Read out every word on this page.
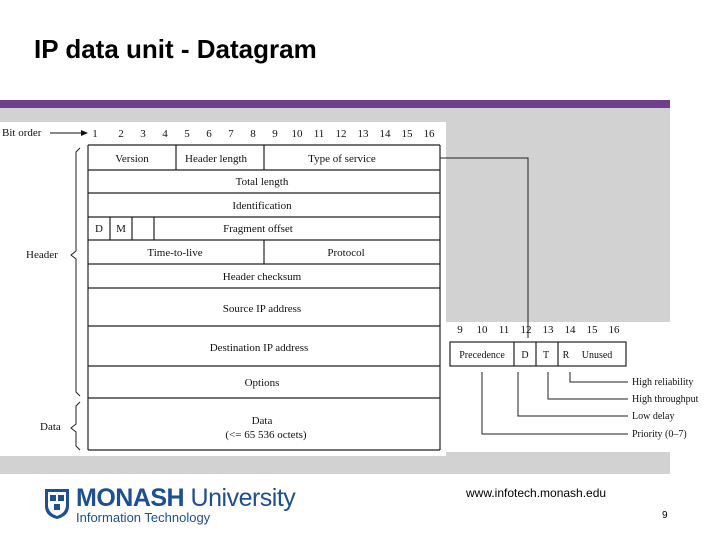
IP data unit - Datagram
Bit order	1 2 3 4 5 6 7 8 9 10 11 12 13 14 15 16
Version	Header length	Type of service
Total length
Identification
D M	Fragment offset
Time-to-live	Protocol
Header checksum
Source IP address
Destination IP address
Options
Data
(<= 65 536 octets)
Header
Data
9 10 11 12 13 14 15 16
Precedence D T R Unused
High reliability
High throughput
Low delay
Priority (0–7)
www.infotech.monash.edu
9
MONASH University
Information Technology
